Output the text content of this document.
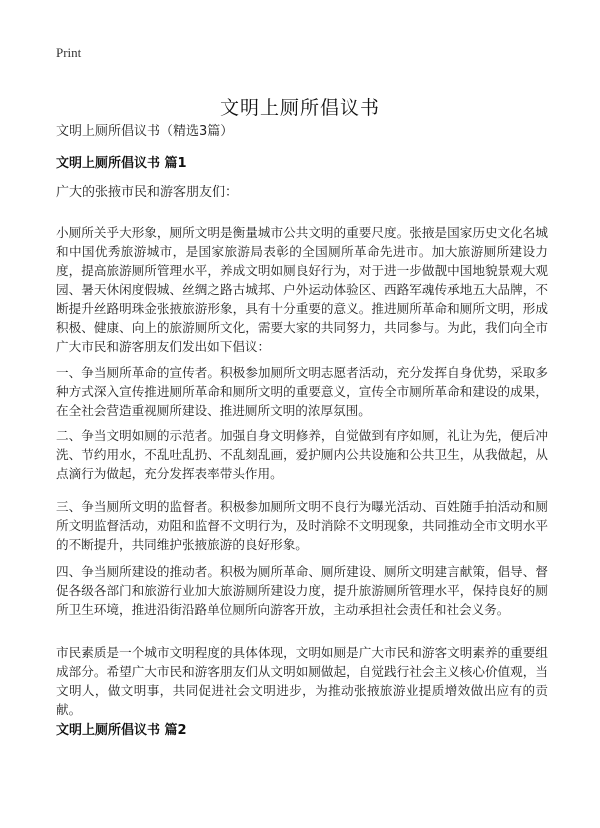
Print
文明上厕所倡议书
文明上厕所倡议书（精选3篇）
文明上厕所倡议书 篇1
广大的张掖市民和游客朋友们：

小厕所关乎大形象，厕所文明是衡量城市公共文明的重要尺度。张掖是国家历史文化名城和中国优秀旅游城市，是国家旅游局表彰的全国厕所革命先进市。加大旅游厕所建设力度，提高旅游厕所管理水平，养成文明如厕良好行为，对于进一步做靓中国地貌景观大观园、暑天休闲度假城、丝绸之路古城邦、户外运动体验区、西路军魂传承地五大品牌，不断提升丝路明珠金张掖旅游形象，具有十分重要的意义。推进厕所革命和厕所文明，形成积极、健康、向上的旅游厕所文化，需要大家的共同努力，共同参与。为此，我们向全市广大市民和游客朋友们发出如下倡议：

一、争当厕所革命的宣传者。积极参加厕所文明志愿者活动，充分发挥自身优势，采取多种方式深入宣传推进厕所革命和厕所文明的重要意义，宣传全市厕所革命和建设的成果，在全社会营造重视厕所建设、推进厕所文明的浓厚氛围。

二、争当文明如厕的示范者。加强自身文明修养，自觉做到有序如厕，礼让为先，便后冲洗、节约用水，不乱吐乱扔、不乱刻乱画，爱护厕内公共设施和公共卫生，从我做起，从点滴行为做起，充分发挥表率带头作用。

三、争当厕所文明的监督者。积极参加厕所文明不良行为曝光活动、百姓随手拍活动和厕所文明监督活动，劝阻和监督不文明行为，及时消除不文明现象，共同推动全市文明水平的不断提升，共同维护张掖旅游的良好形象。

四、争当厕所建设的推动者。积极为厕所革命、厕所建设、厕所文明建言献策，倡导、督促各级各部门和旅游行业加大旅游厕所建设力度，提升旅游厕所管理水平，保持良好的厕所卫生环境，推进沿街沿路单位厕所向游客开放，主动承担社会责任和社会义务。

市民素质是一个城市文明程度的具体体现，文明如厕是广大市民和游客文明素养的重要组成部分。希望广大市民和游客朋友们从文明如厕做起，自觉践行社会主义核心价值观，当文明人，做文明事，共同促进社会文明进步，为推动张掖旅游业提质增效做出应有的贡献。

文明上厕所倡议书 篇2
